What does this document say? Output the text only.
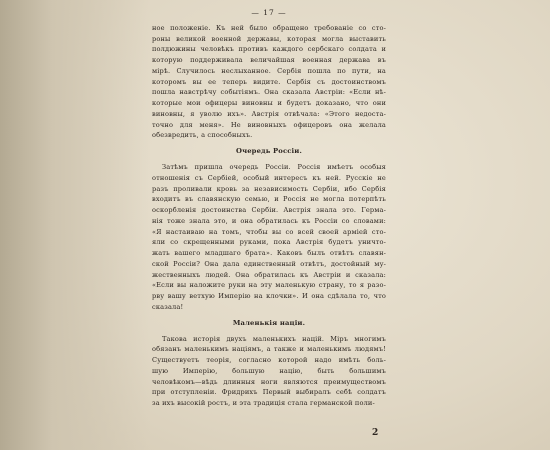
— 17 —
ное положеніе. Къ ней было обращено требованіе со сто-
роны великой военной державы, которая могла выставить
полдюжины человѣкъ противъ каждого сербскаго солдата и
которую поддерживала величайшая военная держава въ
мірѣ. Случилось неслыханное. Сербія пошла по пути, на
которомъ вы ее теперь видите. Сербія съ достоинствомъ
пошла навстрѣчу событіямъ. Она сказала Австріи: «Если нѣ-
которые мои офицеры виновны и будетъ доказано, что они
виновны, я уволю ихъ». Австрія отвѣчала: «Этого недоста-
точно для меня». Не виновныхъ офицеровъ она желала
обезвредить, а способныхъ.
Очередь Россіи.
Затѣмъ пришла очередь Россіи. Россія имѣетъ особыя
отношенія съ Сербіей, особый интересъ къ ней. Русскіе не
разъ проливали кровь за независимость Сербіи, ибо Сербія
входитъ въ славянскую семью, и Россія не могла потерпѣть
оскорбленія достоинства Сербіи. Австрія знала это. Герма-
нія тоже знала это, и она обратилась къ Россіи со словами:
«Я настаиваю на томъ, чтобы вы со всей своей арміей сто-
яли со скрещенными руками, пока Австрія будетъ уничто-
жать вашего младшаго брата». Каковъ былъ отвѣтъ славян-
ской Россіи? Она дала единственный отвѣтъ, достойный му-
жественныхъ людей. Она обратилась къ Австріи и сказала:
«Если вы наложите руки на эту маленькую страну, то я разо-
рву вашу ветхую Имперію на клочки». И она сдѣлала то, что
сказала!
Маленькія націи.
Такова исторія двухъ маленькихъ націй. Міръ многимъ
обязанъ маленькимъ націямъ, а также и маленькимъ людямъ!
Существуетъ теорія, согласно которой надо имѣть боль-
шую Имперію, большую націю, быть большимъ
человѣкомъ—вѣдь длинныя ноги являются преимуществомъ
при отступленіи. Фридрихъ Первый выбиралъ себѣ солдатъ
за ихъ высокій ростъ, и эта традиція стала германской поли-
2
